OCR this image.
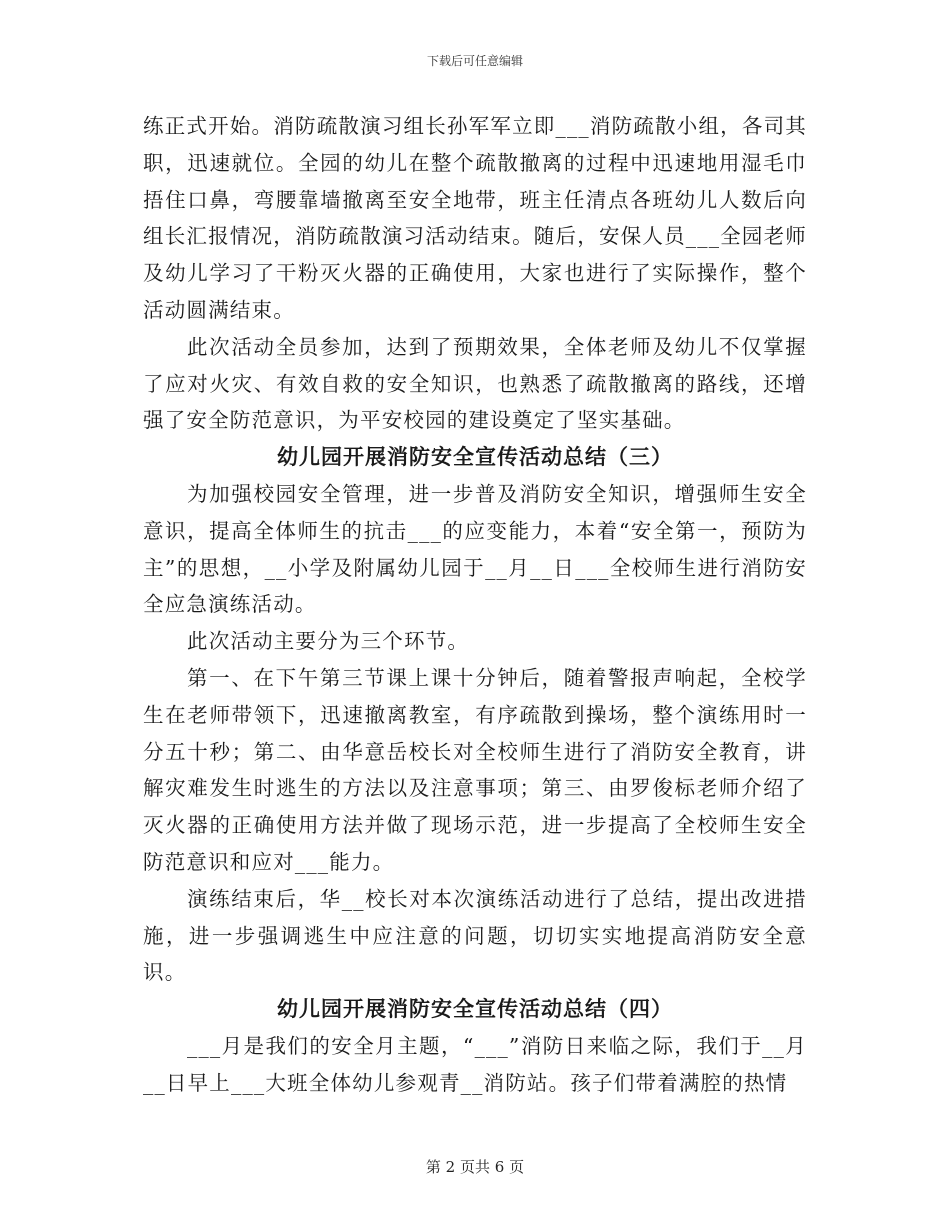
下载后可任意编辑

练正式开始。消防疏散演习组长孙军军立即___消防疏散小组，各司其职，迅速就位。全园的幼儿在整个疏散撤离的过程中迅速地用湿毛巾捂住口鼻，弯腰靠墙撤离至安全地带，班主任清点各班幼儿人数后向组长汇报情况，消防疏散演习活动结束。随后，安保人员___全园老师及幼儿学习了干粉灭火器的正确使用，大家也进行了实际操作，整个活动圆满结束。

此次活动全员参加，达到了预期效果，全体老师及幼儿不仅掌握了应对火灾、有效自救的安全知识，也熟悉了疏散撤离的路线，还增强了安全防范意识，为平安校园的建设奠定了坚实基础。

幼儿园开展消防安全宣传活动总结（三）

为加强校园安全管理，进一步普及消防安全知识，增强师生安全意识，提高全体师生的抗击___的应变能力，本着“安全第一，预防为主”的思想，__小学及附属幼儿园于__月__日___全校师生进行消防安全应急演练活动。

此次活动主要分为三个环节。

第一、在下午第三节课上课十分钟后，随着警报声响起，全校学生在老师带领下，迅速撤离教室，有序疏散到操场，整个演练用时一分五十秒；第二、由华意岳校长对全校师生进行了消防安全教育，讲解灾难发生时逃生的方法以及注意事项；第三、由罗俊标老师介绍了灭火器的正确使用方法并做了现场示范，进一步提高了全校师生安全防范意识和应对___能力。

演练结束后，华__校长对本次演练活动进行了总结，提出改进措施，进一步强调逃生中应注意的问题，切切实实地提高消防安全意识。

幼儿园开展消防安全宣传活动总结（四）

___月是我们的安全月主题，“___”消防日来临之际，我们于__月__日早上___大班全体幼儿参观青__消防站。孩子们带着满腔的热情

第 2 页共 6 页
